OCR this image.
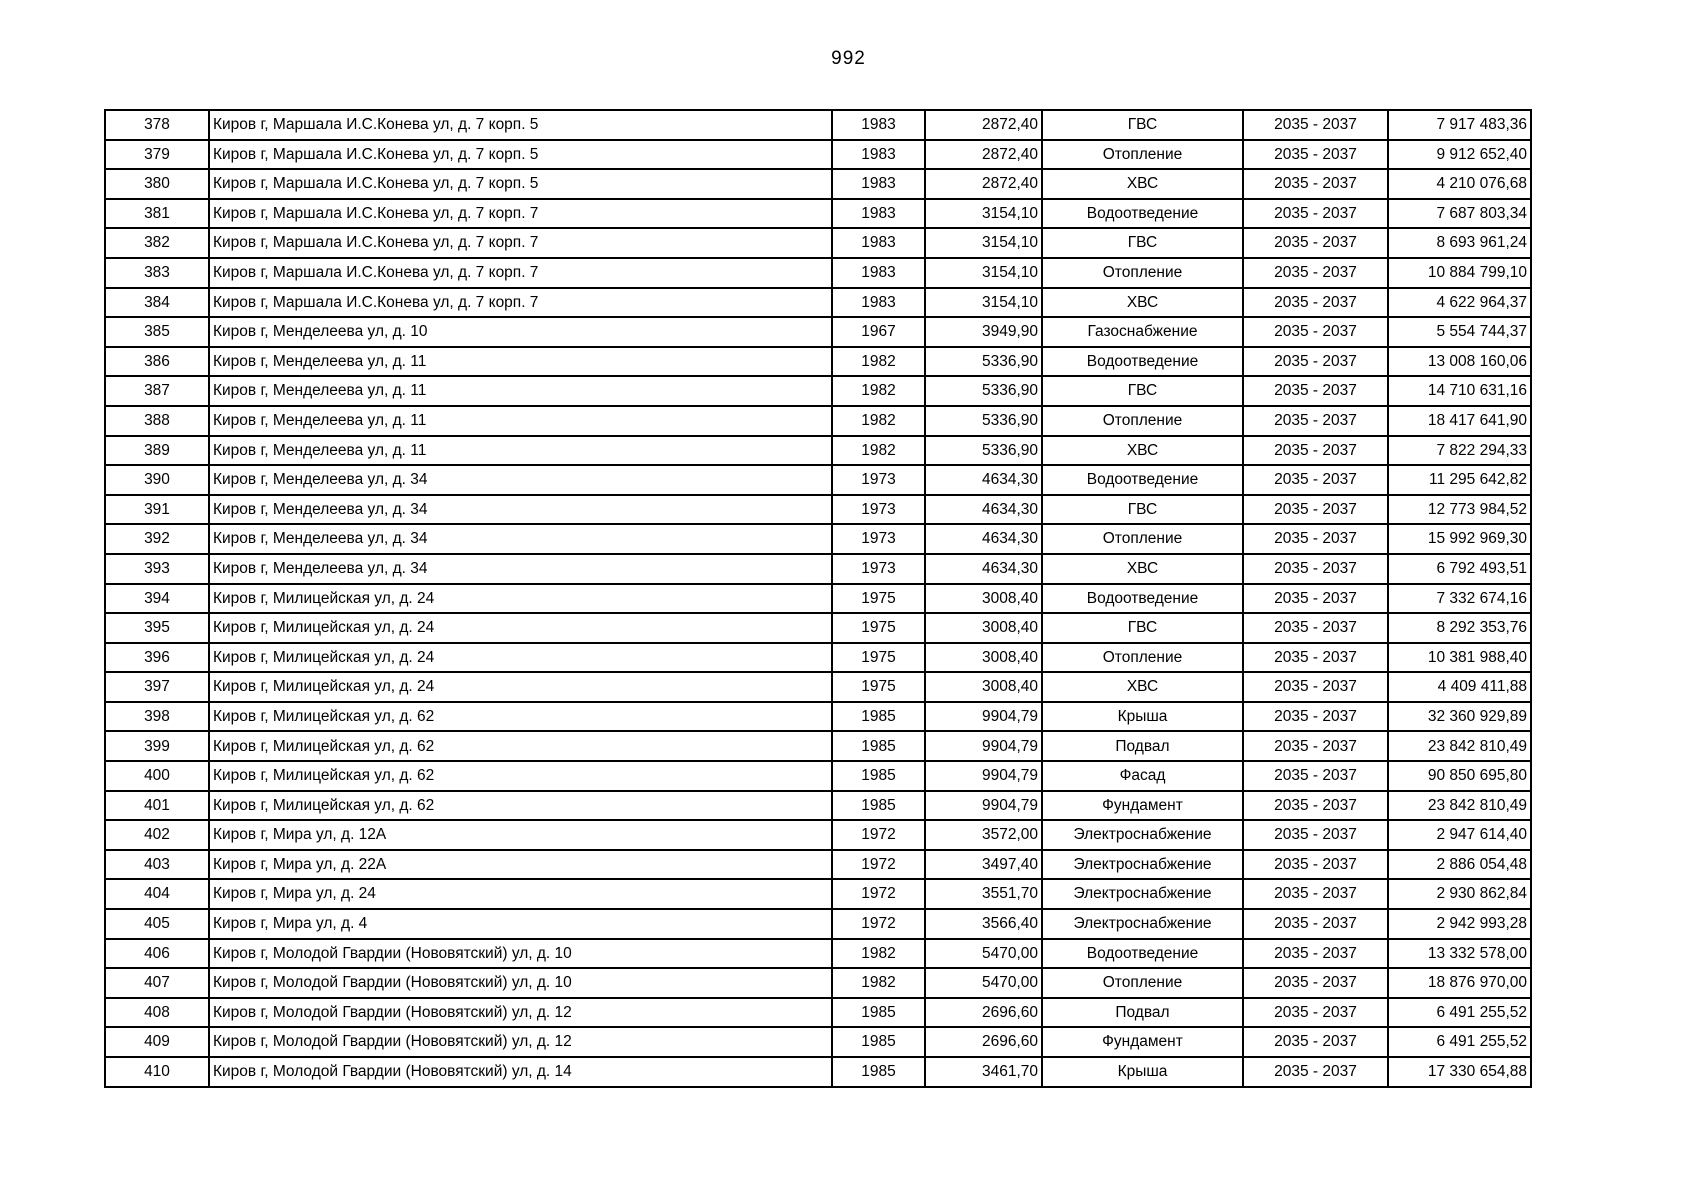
992
378	Киров г, Маршала И.С.Конева ул, д. 7 корп. 5	1983	2872,40	ГВС	2035 - 2037	7 917 483,36
379	Киров г, Маршала И.С.Конева ул, д. 7 корп. 5	1983	2872,40	Отопление	2035 - 2037	9 912 652,40
380	Киров г, Маршала И.С.Конева ул, д. 7 корп. 5	1983	2872,40	ХВС	2035 - 2037	4 210 076,68
381	Киров г, Маршала И.С.Конева ул, д. 7 корп. 7	1983	3154,10	Водоотведение	2035 - 2037	7 687 803,34
382	Киров г, Маршала И.С.Конева ул, д. 7 корп. 7	1983	3154,10	ГВС	2035 - 2037	8 693 961,24
383	Киров г, Маршала И.С.Конева ул, д. 7 корп. 7	1983	3154,10	Отопление	2035 - 2037	10 884 799,10
384	Киров г, Маршала И.С.Конева ул, д. 7 корп. 7	1983	3154,10	ХВС	2035 - 2037	4 622 964,37
385	Киров г, Менделеева ул, д. 10	1967	3949,90	Газоснабжение	2035 - 2037	5 554 744,37
386	Киров г, Менделеева ул, д. 11	1982	5336,90	Водоотведение	2035 - 2037	13 008 160,06
387	Киров г, Менделеева ул, д. 11	1982	5336,90	ГВС	2035 - 2037	14 710 631,16
388	Киров г, Менделеева ул, д. 11	1982	5336,90	Отопление	2035 - 2037	18 417 641,90
389	Киров г, Менделеева ул, д. 11	1982	5336,90	ХВС	2035 - 2037	7 822 294,33
390	Киров г, Менделеева ул, д. 34	1973	4634,30	Водоотведение	2035 - 2037	11 295 642,82
391	Киров г, Менделеева ул, д. 34	1973	4634,30	ГВС	2035 - 2037	12 773 984,52
392	Киров г, Менделеева ул, д. 34	1973	4634,30	Отопление	2035 - 2037	15 992 969,30
393	Киров г, Менделеева ул, д. 34	1973	4634,30	ХВС	2035 - 2037	6 792 493,51
394	Киров г, Милицейская ул, д. 24	1975	3008,40	Водоотведение	2035 - 2037	7 332 674,16
395	Киров г, Милицейская ул, д. 24	1975	3008,40	ГВС	2035 - 2037	8 292 353,76
396	Киров г, Милицейская ул, д. 24	1975	3008,40	Отопление	2035 - 2037	10 381 988,40
397	Киров г, Милицейская ул, д. 24	1975	3008,40	ХВС	2035 - 2037	4 409 411,88
398	Киров г, Милицейская ул, д. 62	1985	9904,79	Крыша	2035 - 2037	32 360 929,89
399	Киров г, Милицейская ул, д. 62	1985	9904,79	Подвал	2035 - 2037	23 842 810,49
400	Киров г, Милицейская ул, д. 62	1985	9904,79	Фасад	2035 - 2037	90 850 695,80
401	Киров г, Милицейская ул, д. 62	1985	9904,79	Фундамент	2035 - 2037	23 842 810,49
402	Киров г, Мира ул, д. 12А	1972	3572,00	Электроснабжение	2035 - 2037	2 947 614,40
403	Киров г, Мира ул, д. 22А	1972	3497,40	Электроснабжение	2035 - 2037	2 886 054,48
404	Киров г, Мира ул, д. 24	1972	3551,70	Электроснабжение	2035 - 2037	2 930 862,84
405	Киров г, Мира ул, д. 4	1972	3566,40	Электроснабжение	2035 - 2037	2 942 993,28
406	Киров г, Молодой Гвардии (Нововятский) ул, д. 10	1982	5470,00	Водоотведение	2035 - 2037	13 332 578,00
407	Киров г, Молодой Гвардии (Нововятский) ул, д. 10	1982	5470,00	Отопление	2035 - 2037	18 876 970,00
408	Киров г, Молодой Гвардии (Нововятский) ул, д. 12	1985	2696,60	Подвал	2035 - 2037	6 491 255,52
409	Киров г, Молодой Гвардии (Нововятский) ул, д. 12	1985	2696,60	Фундамент	2035 - 2037	6 491 255,52
410	Киров г, Молодой Гвардии (Нововятский) ул, д. 14	1985	3461,70	Крыша	2035 - 2037	17 330 654,88
